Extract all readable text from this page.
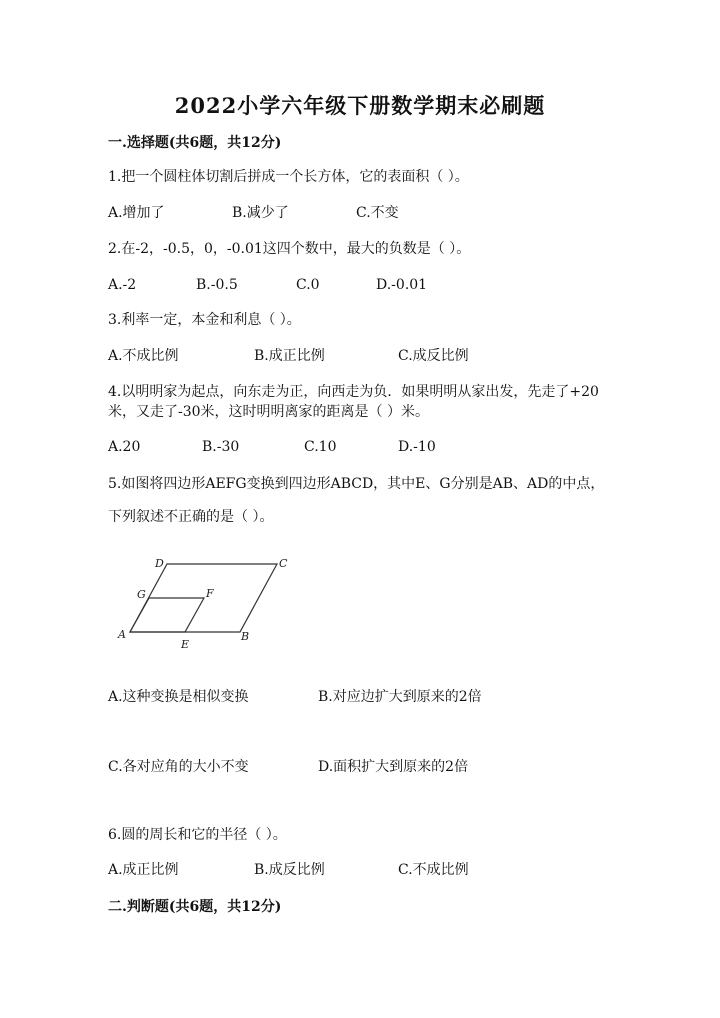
2022小学六年级下册数学期末必刷题
一.选择题(共6题，共12分)
1.把一个圆柱体切割后拼成一个长方体，它的表面积（ ）。
A.增加了	B.减少了	C.不变
2.在-2，-0.5，0，-0.01这四个数中，最大的负数是（ ）。
A.-2	B.-0.5	C.0	D.-0.01
3.利率一定，本金和利息（ ）。
A.不成比例	B.成正比例	C.成反比例
4.以明明家为起点，向东走为正，向西走为负．如果明明从家出发，先走了+20
米，又走了-30米，这时明明离家的距离是（ ）米。
A.20	B.-30	C.10	D.-10
5.如图将四边形AEFG变换到四边形ABCD，其中E、G分别是AB、AD的中点，
下列叙述不正确的是（ ）。
A	B
C
D
E
F
G
A.这种变换是相似变换	B.对应边扩大到原来的2倍
C.各对应角的大小不变	D.面积扩大到原来的2倍
6.圆的周长和它的半径（ ）。
A.成正比例	B.成反比例	C.不成比例
二.判断题(共6题，共12分)
